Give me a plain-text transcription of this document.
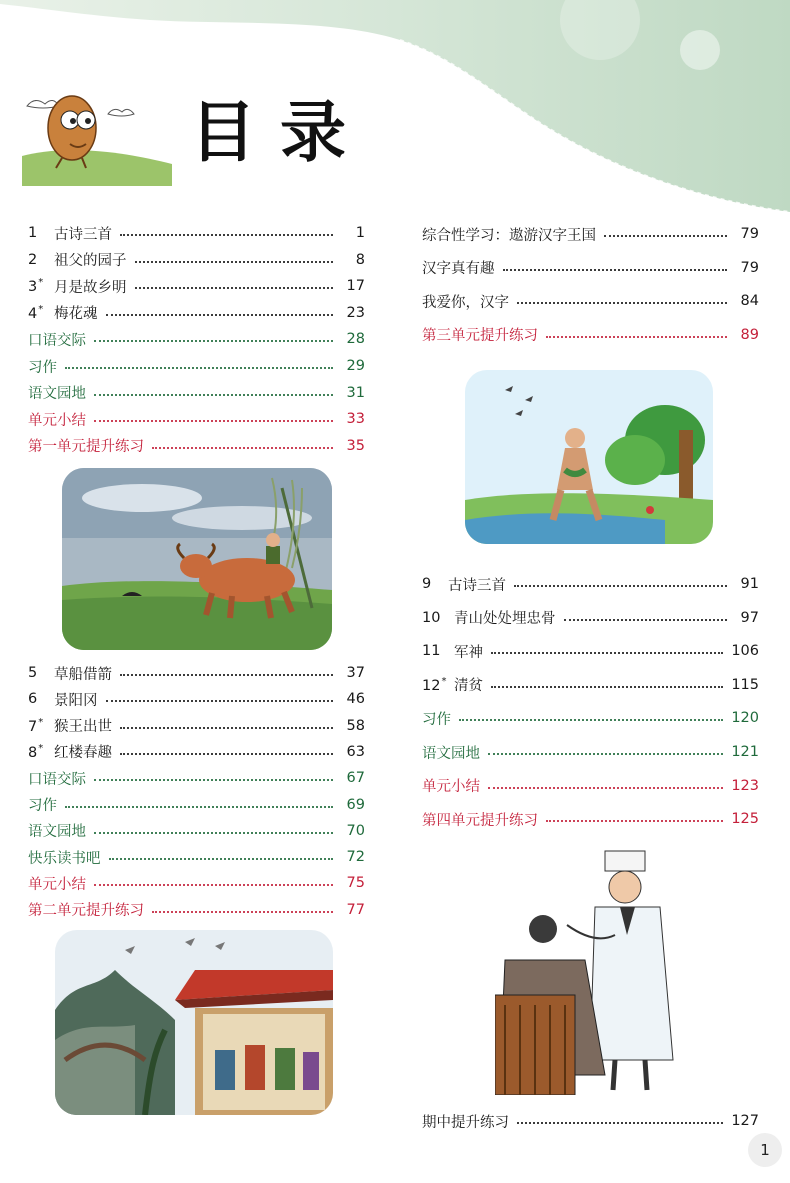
目录
1	古诗三首	1
2	祖父的园子	8
3* 月是故乡明	17
4* 梅花魂	23
口语交际	28
习作	29
语文园地	31
单元小结	33
第一单元提升练习	35
5	草船借箭	37
6	景阳冈	46
7* 猴王出世	58
8* 红楼春趣	63
口语交际	67
习作	69
语文园地	70
快乐读书吧	72
单元小结	75
第二单元提升练习	77
综合性学习：遨游汉字王国	79
汉字真有趣	79
我爱你，汉字	84
第三单元提升练习	89
9	古诗三首	91
10 青山处处埋忠骨	97
11 军神	106
12* 清贫	115
习作	120
语文园地	121
单元小结	123
第四单元提升练习	125
期中提升练习	127
1
